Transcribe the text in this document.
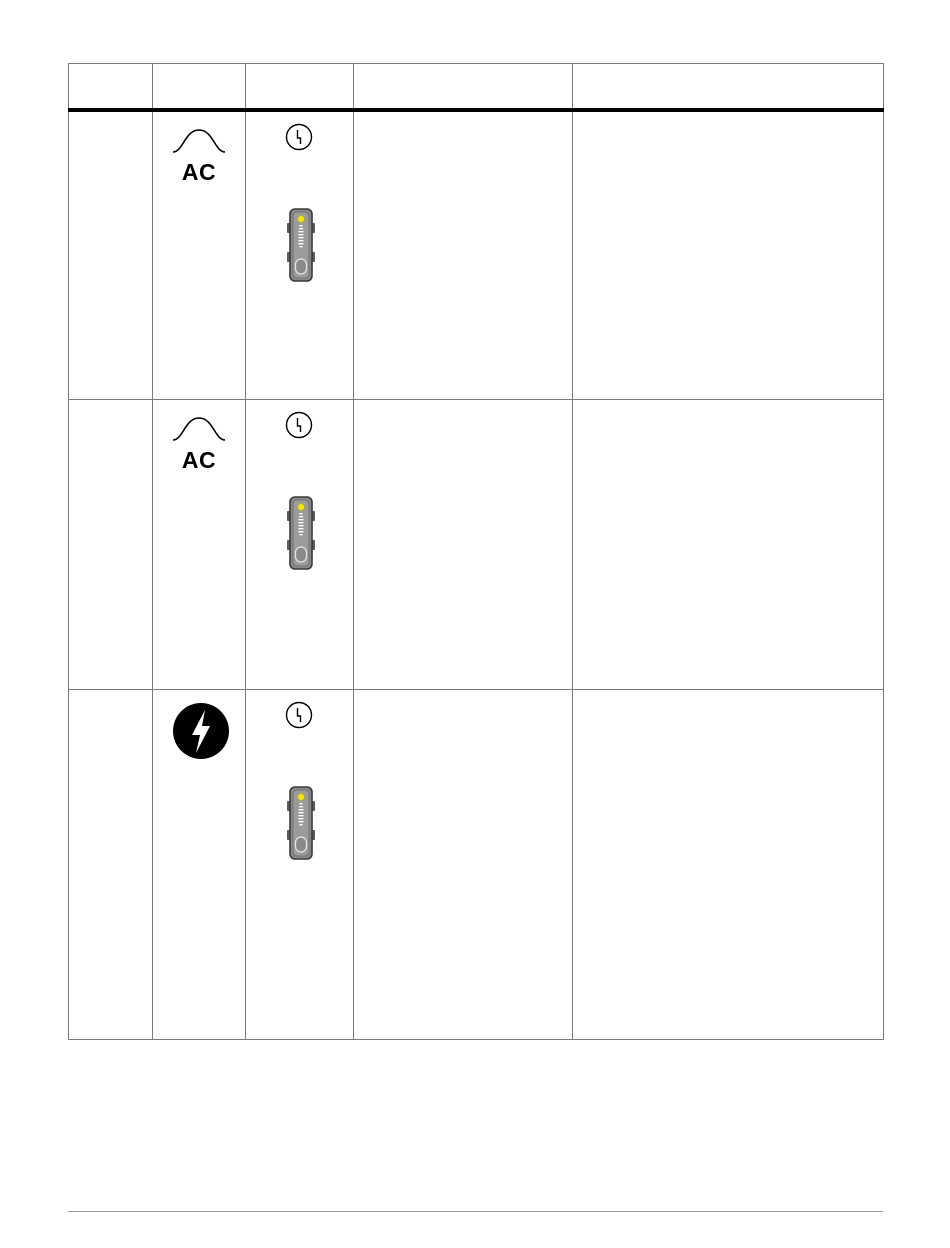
	AC

	AC
